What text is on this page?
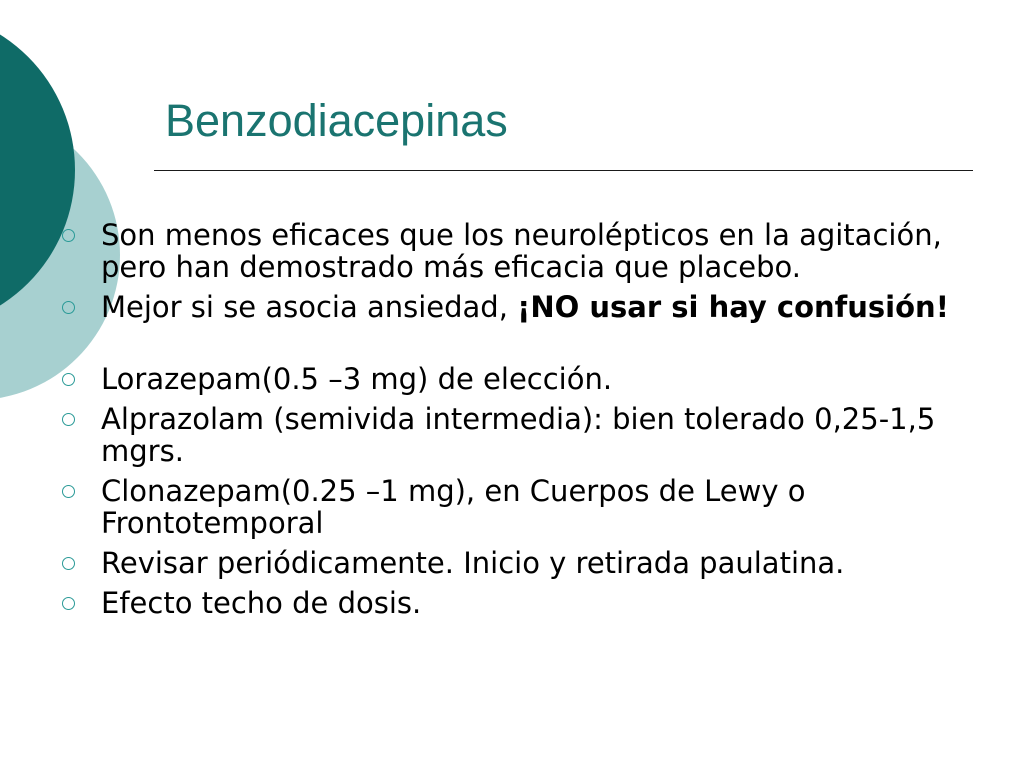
Benzodiacepinas
Son menos eficaces que los neurolépticos en la agitación, pero han demostrado más eficacia que placebo.
Mejor si se asocia ansiedad, ¡NO usar si hay confusión!
Lorazepam(0.5 –3 mg) de elección.
Alprazolam (semivida intermedia): bien tolerado 0,25-1,5 mgrs.
Clonazepam(0.25 –1 mg), en Cuerpos de Lewy o Frontotemporal
Revisar periódicamente. Inicio y retirada paulatina.
Efecto techo de dosis.
